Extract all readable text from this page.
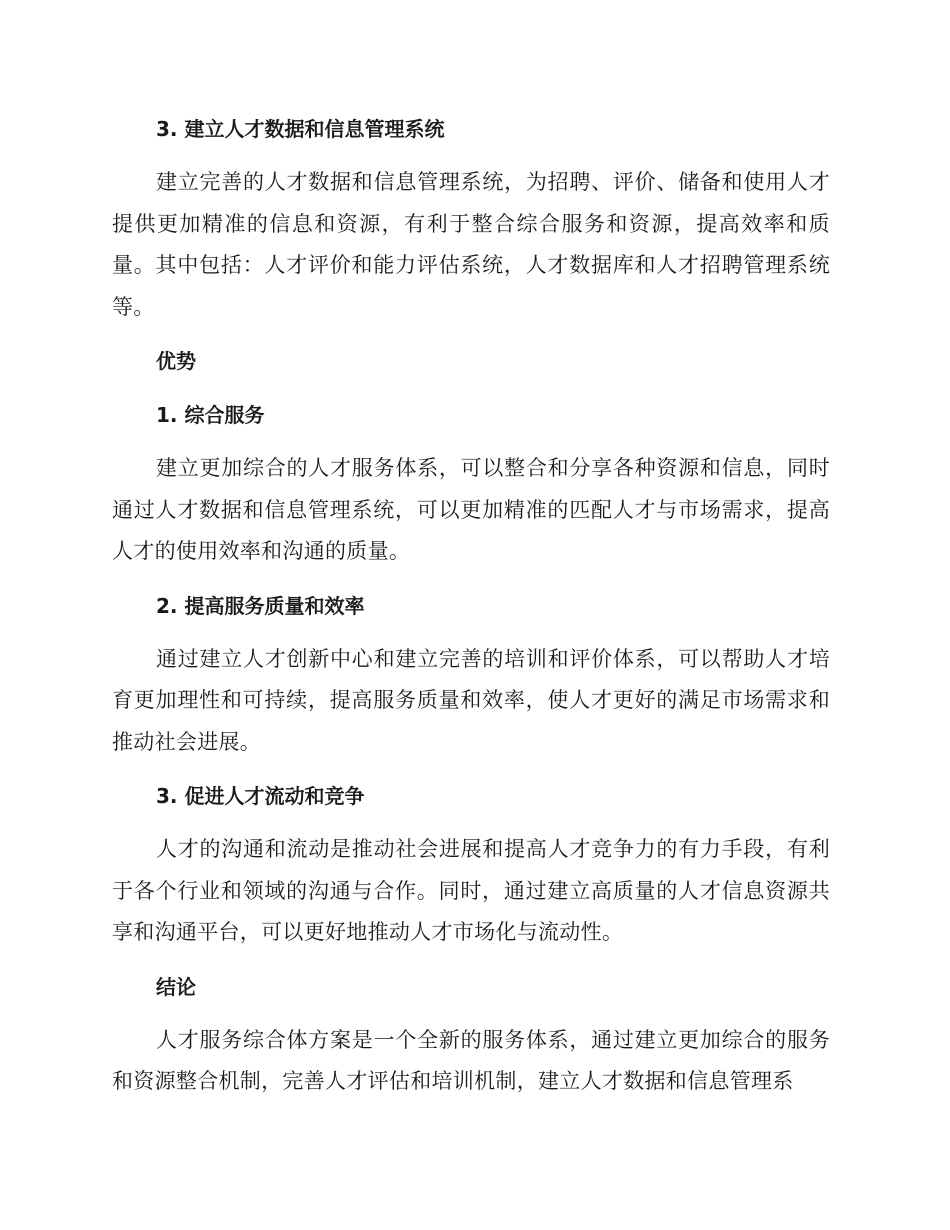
3. 建立人才数据和信息管理系统

建立完善的人才数据和信息管理系统，为招聘、评价、储备和使用人才提供更加精准的信息和资源，有利于整合综合服务和资源，提高效率和质量。其中包括：人才评价和能力评估系统，人才数据库和人才招聘管理系统等。

优势
1. 综合服务

建立更加综合的人才服务体系，可以整合和分享各种资源和信息，同时通过人才数据和信息管理系统，可以更加精准的匹配人才与市场需求，提高人才的使用效率和沟通的质量。

2. 提高服务质量和效率

通过建立人才创新中心和建立完善的培训和评价体系，可以帮助人才培育更加理性和可持续，提高服务质量和效率，使人才更好的满足市场需求和推动社会进展。

3. 促进人才流动和竞争

人才的沟通和流动是推动社会进展和提高人才竞争力的有力手段，有利于各个行业和领域的沟通与合作。同时，通过建立高质量的人才信息资源共享和沟通平台，可以更好地推动人才市场化与流动性。

结论

人才服务综合体方案是一个全新的服务体系，通过建立更加综合的服务和资源整合机制，完善人才评估和培训机制，建立人才数据和信息管理系
